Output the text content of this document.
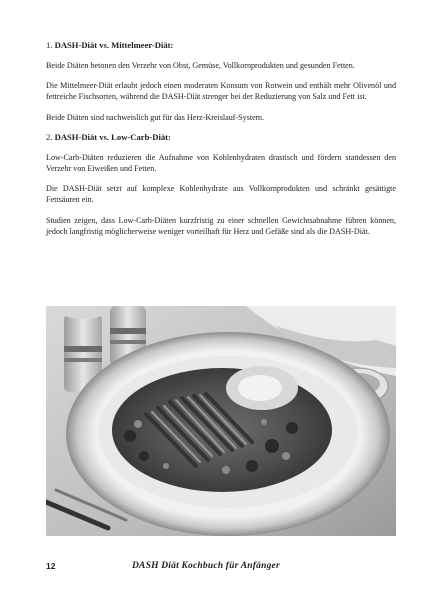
1. DASH-Diät vs. Mittelmeer-Diät:

Beide Diäten betonen den Verzehr von Obst, Gemüse, Vollkornprodukten und gesunden Fetten.

Die Mittelmeer-Diät erlaubt jedoch einen moderaten Konsum von Rotwein und enthält mehr Olivenöl und fettreiche Fischsorten, während die DASH-Diät strenger bei der Reduzierung von Salz und Fett ist.

Beide Diäten sind nachweislich gut für das Herz-Kreislauf-System.

2. DASH-Diät vs. Low-Carb-Diät:

Low-Carb-Diäten reduzieren die Aufnahme von Kohlenhydraten drastisch und fördern stattdessen den Verzehr von Eiweißen und Fetten.

Die DASH-Diät setzt auf komplexe Kohlenhydrate aus Vollkornprodukten und schränkt gesättigte Fettsäuren ein.

Studien zeigen, dass Low-Carb-Diäten kurzfristig zu einer schnellen Gewichtsabnahme führen können, jedoch langfristig möglicherweise weniger vorteilhaft für Herz und Gefäße sind als die DASH-Diät.

12	DASH Diät Kochbuch für Anfänger
